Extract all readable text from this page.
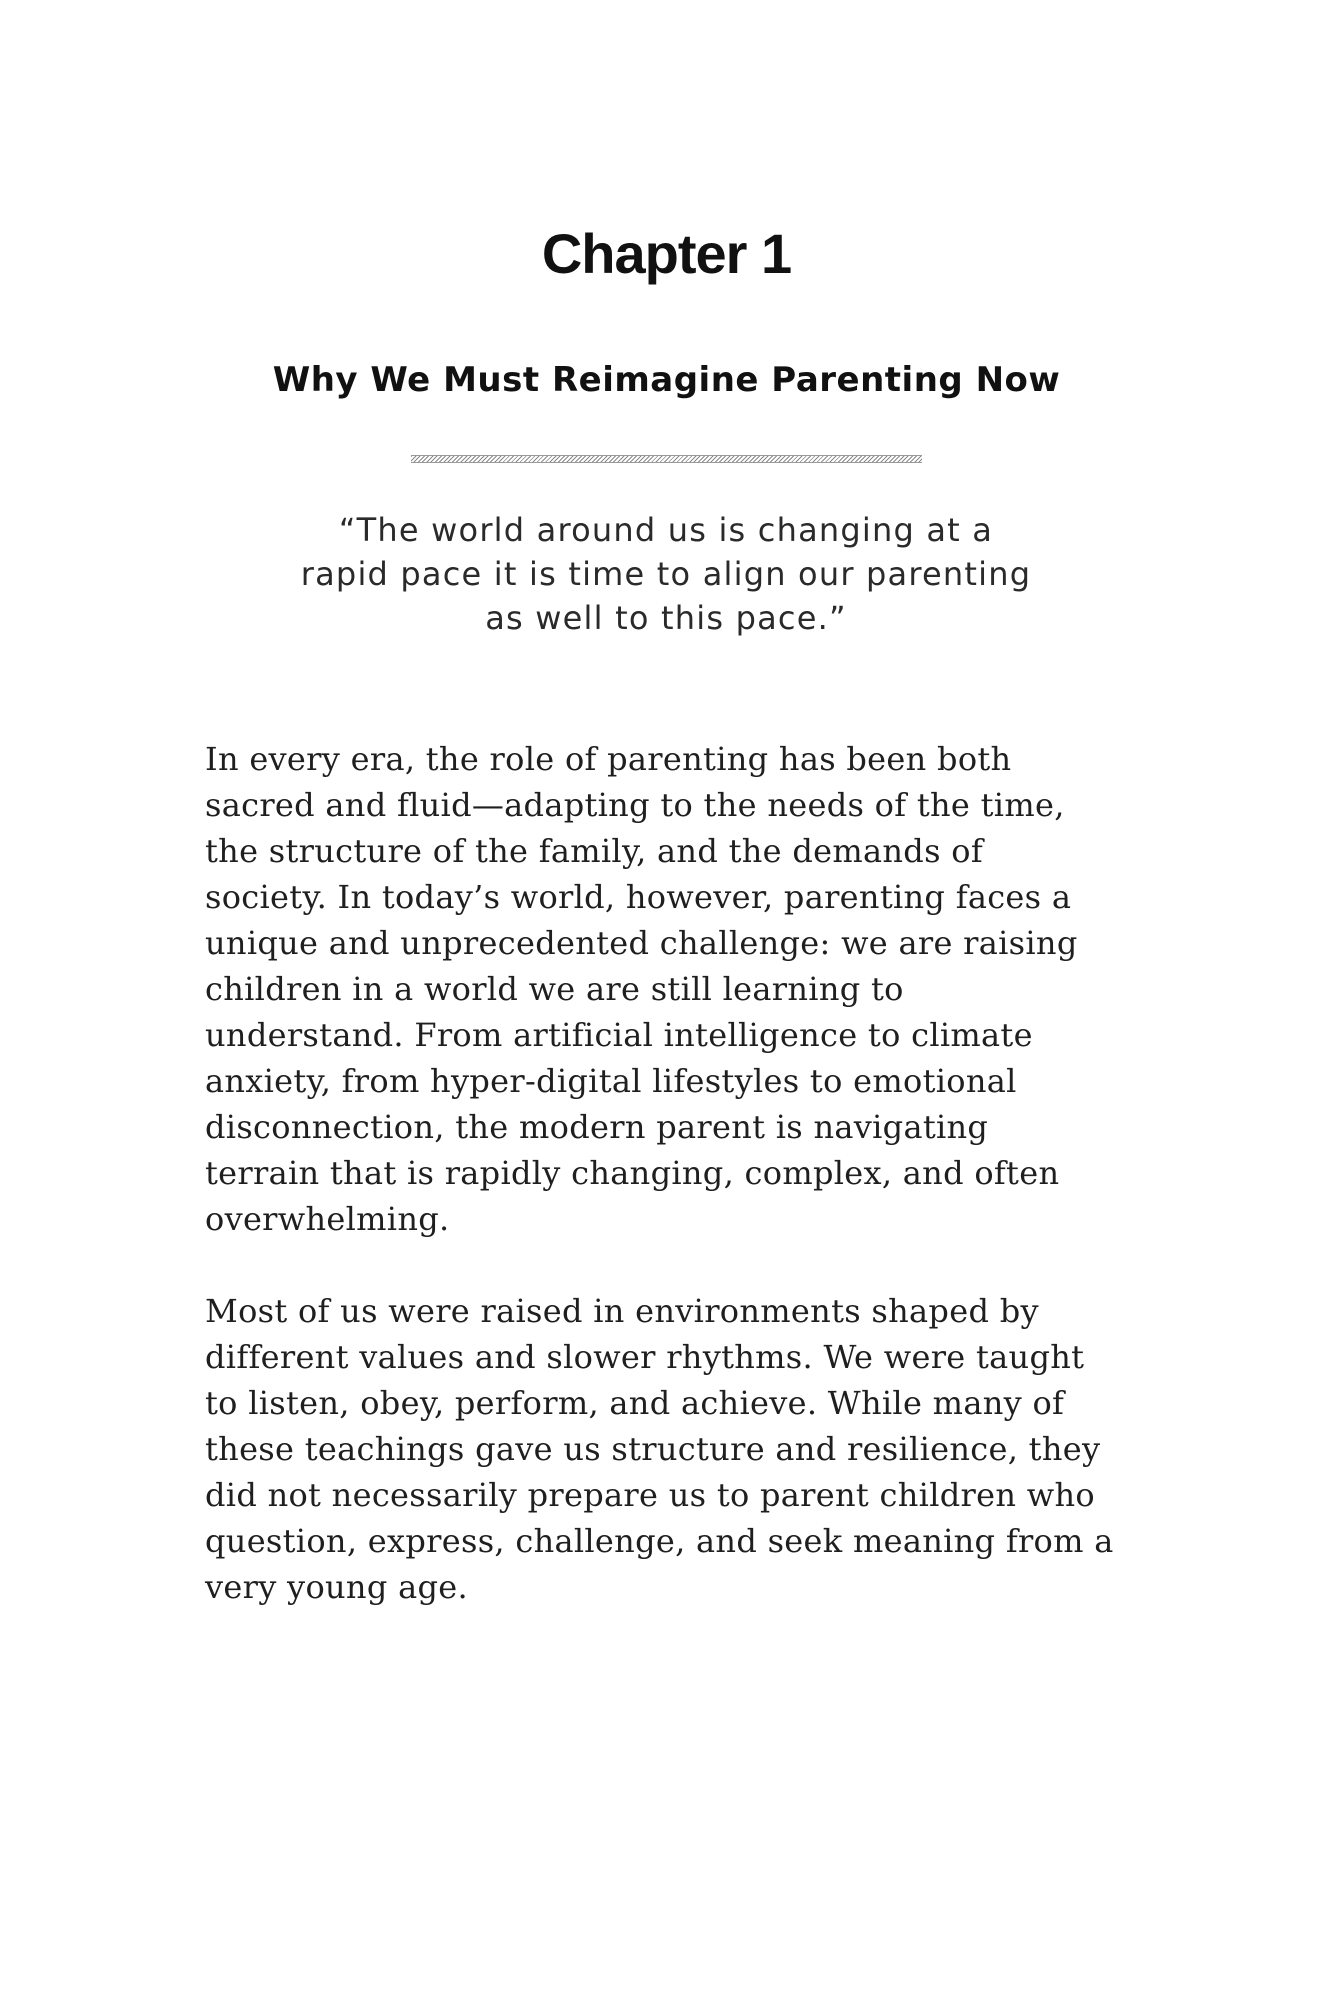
Chapter 1
Why We Must Reimagine Parenting Now
“The world around us is changing at a
rapid pace it is time to align our parenting
as well to this pace.”
In every era, the role of parenting has been both
sacred and fluid—adapting to the needs of the time,
the structure of the family, and the demands of
society. In today’s world, however, parenting faces a
unique and unprecedented challenge: we are raising
children in a world we are still learning to
understand. From artificial intelligence to climate
anxiety, from hyper-digital lifestyles to emotional
disconnection, the modern parent is navigating
terrain that is rapidly changing, complex, and often
overwhelming.
Most of us were raised in environments shaped by
different values and slower rhythms. We were taught
to listen, obey, perform, and achieve. While many of
these teachings gave us structure and resilience, they
did not necessarily prepare us to parent children who
question, express, challenge, and seek meaning from a
very young age.
